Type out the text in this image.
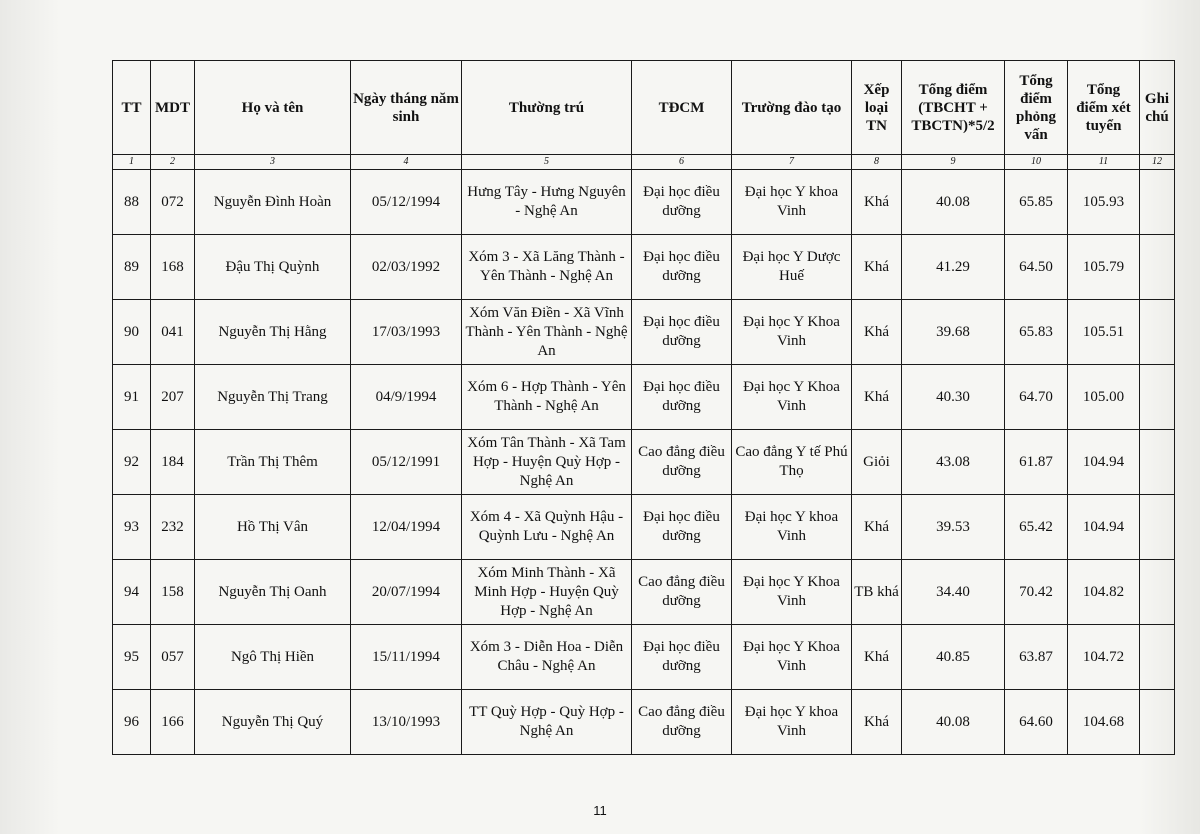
TT	MDT	Họ và tên	Ngày tháng năm sinh	Thường trú	TĐCM	Trường đào tạo	Xếp loại TN	Tổng điểm (TBCHT + TBCTN)*5/2	Tổng điểm phỏng vấn	Tổng điểm xét tuyển	Ghi chú
1	2	3	4	5	6	7	8	9	10	11	12
88	072	Nguyễn Đình Hoàn	05/12/1994	Hưng Tây - Hưng Nguyên - Nghệ An	Đại học điều dưỡng	Đại học Y khoa Vinh	Khá	40.08	65.85	105.93	
89	168	Đậu Thị Quỳnh	02/03/1992	Xóm 3 - Xã Lăng Thành - Yên Thành - Nghệ An	Đại học điều dưỡng	Đại học Y Dược Huế	Khá	41.29	64.50	105.79	
90	041	Nguyễn Thị Hằng	17/03/1993	Xóm Văn Điền - Xã Vĩnh Thành - Yên Thành - Nghệ An	Đại học điều dưỡng	Đại học Y Khoa Vinh	Khá	39.68	65.83	105.51	
91	207	Nguyễn Thị Trang	04/9/1994	Xóm 6 - Hợp Thành - Yên Thành - Nghệ An	Đại học điều dưỡng	Đại học Y Khoa Vinh	Khá	40.30	64.70	105.00	
92	184	Trần Thị Thêm	05/12/1991	Xóm Tân Thành - Xã Tam Hợp - Huyện Quỳ Hợp - Nghệ An	Cao đẳng điều dưỡng	Cao đẳng Y tế Phú Thọ	Giỏi	43.08	61.87	104.94	
93	232	Hồ Thị Vân	12/04/1994	Xóm 4 - Xã Quỳnh Hậu - Quỳnh Lưu - Nghệ An	Đại học điều dưỡng	Đại học Y khoa Vinh	Khá	39.53	65.42	104.94	
94	158	Nguyễn Thị Oanh	20/07/1994	Xóm Minh Thành - Xã Minh Hợp - Huyện Quỳ Hợp - Nghệ An	Cao đẳng điều dưỡng	Đại học Y Khoa Vinh	TB khá	34.40	70.42	104.82	
95	057	Ngô Thị Hiền	15/11/1994	Xóm 3 - Diễn Hoa - Diễn Châu - Nghệ An	Đại học điều dưỡng	Đại học Y Khoa Vinh	Khá	40.85	63.87	104.72	
96	166	Nguyễn Thị Quý	13/10/1993	TT Quỳ Hợp - Quỳ Hợp - Nghệ An	Cao đẳng điều dưỡng	Đại học Y khoa Vinh	Khá	40.08	64.60	104.68	
11
